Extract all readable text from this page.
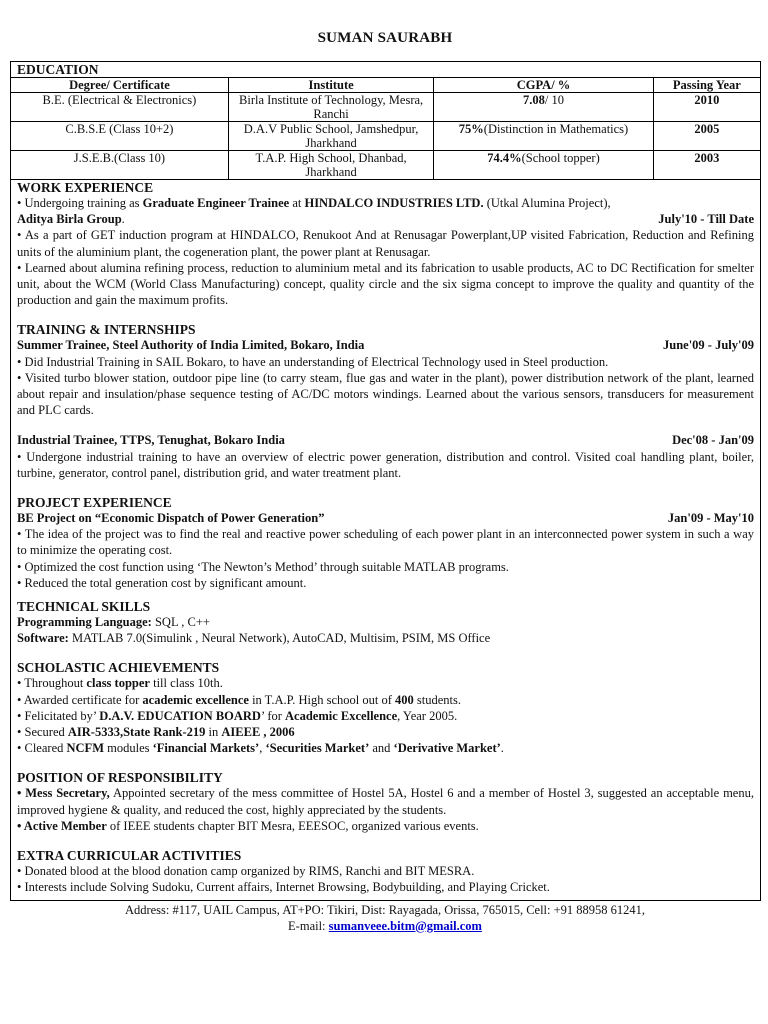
SUMAN SAURABH
EDUCATION
Degree/ Certificate	Institute	CGPA/ %	Passing Year
B.E. (Electrical & Electronics)	Birla Institute of Technology, Mesra, Ranchi	7.08/ 10	2010
C.B.S.E (Class 10+2)	D.A.V Public School, Jamshedpur, Jharkhand	75%(Distinction in Mathematics)	2005
J.S.E.B.(Class 10)	T.A.P. High School, Dhanbad, Jharkhand	74.4%(School topper)	2003
WORK EXPERIENCE

• Undergoing training as Graduate Engineer Trainee at HINDALCO INDUSTRIES LTD. (Utkal Alumina Project),

Aditya Birla Group.	July'10 - Till Date

• As a part of GET induction program at HINDALCO, Renukoot And at Renusagar Powerplant,UP visited Fabrication, Reduction and Refining units of the aluminium plant, the cogeneration plant, the power plant at Renusagar.

• Learned about alumina refining process, reduction to aluminium metal and its fabrication to usable products, AC to DC Rectification for smelter unit, about the WCM (World Class Manufacturing) concept, quality circle and the six sigma concept to improve the quality and quantity of the production and gain the maximum profits.

TRAINING & INTERNSHIPS
Summer Trainee, Steel Authority of India Limited, Bokaro, India	June'09 - July'09

• Did Industrial Training in SAIL Bokaro, to have an understanding of Electrical Technology used in Steel production.

• Visited turbo blower station, outdoor pipe line (to carry steam, flue gas and water in the plant), power distribution network of the plant, learned about repair and insulation/phase sequence testing of AC/DC motors windings. Learned about the various sensors, transducers for measurement and PLC cards.

Industrial Trainee, TTPS, Tenughat, Bokaro India	Dec'08 - Jan'09

• Undergone industrial training to have an overview of electric power generation, distribution and control. Visited coal handling plant, boiler, turbine, generator, control panel, distribution grid, and water treatment plant.

PROJECT EXPERIENCE
BE Project on “Economic Dispatch of Power Generation”	Jan'09 - May'10

• The idea of the project was to find the real and reactive power scheduling of each power plant in an interconnected power system in such a way to minimize the operating cost.

• Optimized the cost function using ‘The Newton’s Method’ through suitable MATLAB programs.

• Reduced the total generation cost by significant amount.

TECHNICAL SKILLS

Programming Language: SQL , C++

Software: MATLAB 7.0(Simulink , Neural Network), AutoCAD, Multisim, PSIM, MS Office

SCHOLASTIC ACHIEVEMENTS

• Throughout class topper till class 10th.

• Awarded certificate for academic excellence in T.A.P. High school out of 400 students.

• Felicitated by’ D.A.V. EDUCATION BOARD’ for Academic Excellence, Year 2005.

• Secured AIR-5333,State Rank-219 in AIEEE , 2006

• Cleared NCFM modules ‘Financial Markets’, ‘Securities Market’ and ‘Derivative Market’.

POSITION OF RESPONSIBILITY

• Mess Secretary, Appointed secretary of the mess committee of Hostel 5A, Hostel 6 and a member of Hostel 3, suggested an acceptable menu, improved hygiene & quality, and reduced the cost, highly appreciated by the students.

• Active Member of IEEE students chapter BIT Mesra, EEESOC, organized various events.

EXTRA CURRICULAR ACTIVITIES

• Donated blood at the blood donation camp organized by RIMS, Ranchi and BIT MESRA.

• Interests include Solving Sudoku, Current affairs, Internet Browsing, Bodybuilding, and Playing Cricket.

Address: #117, UAIL Campus, AT+PO: Tikiri, Dist: Rayagada, Orissa, 765015, Cell: +91 88958 61241,
E-mail: sumanveee.bitm@gmail.com
